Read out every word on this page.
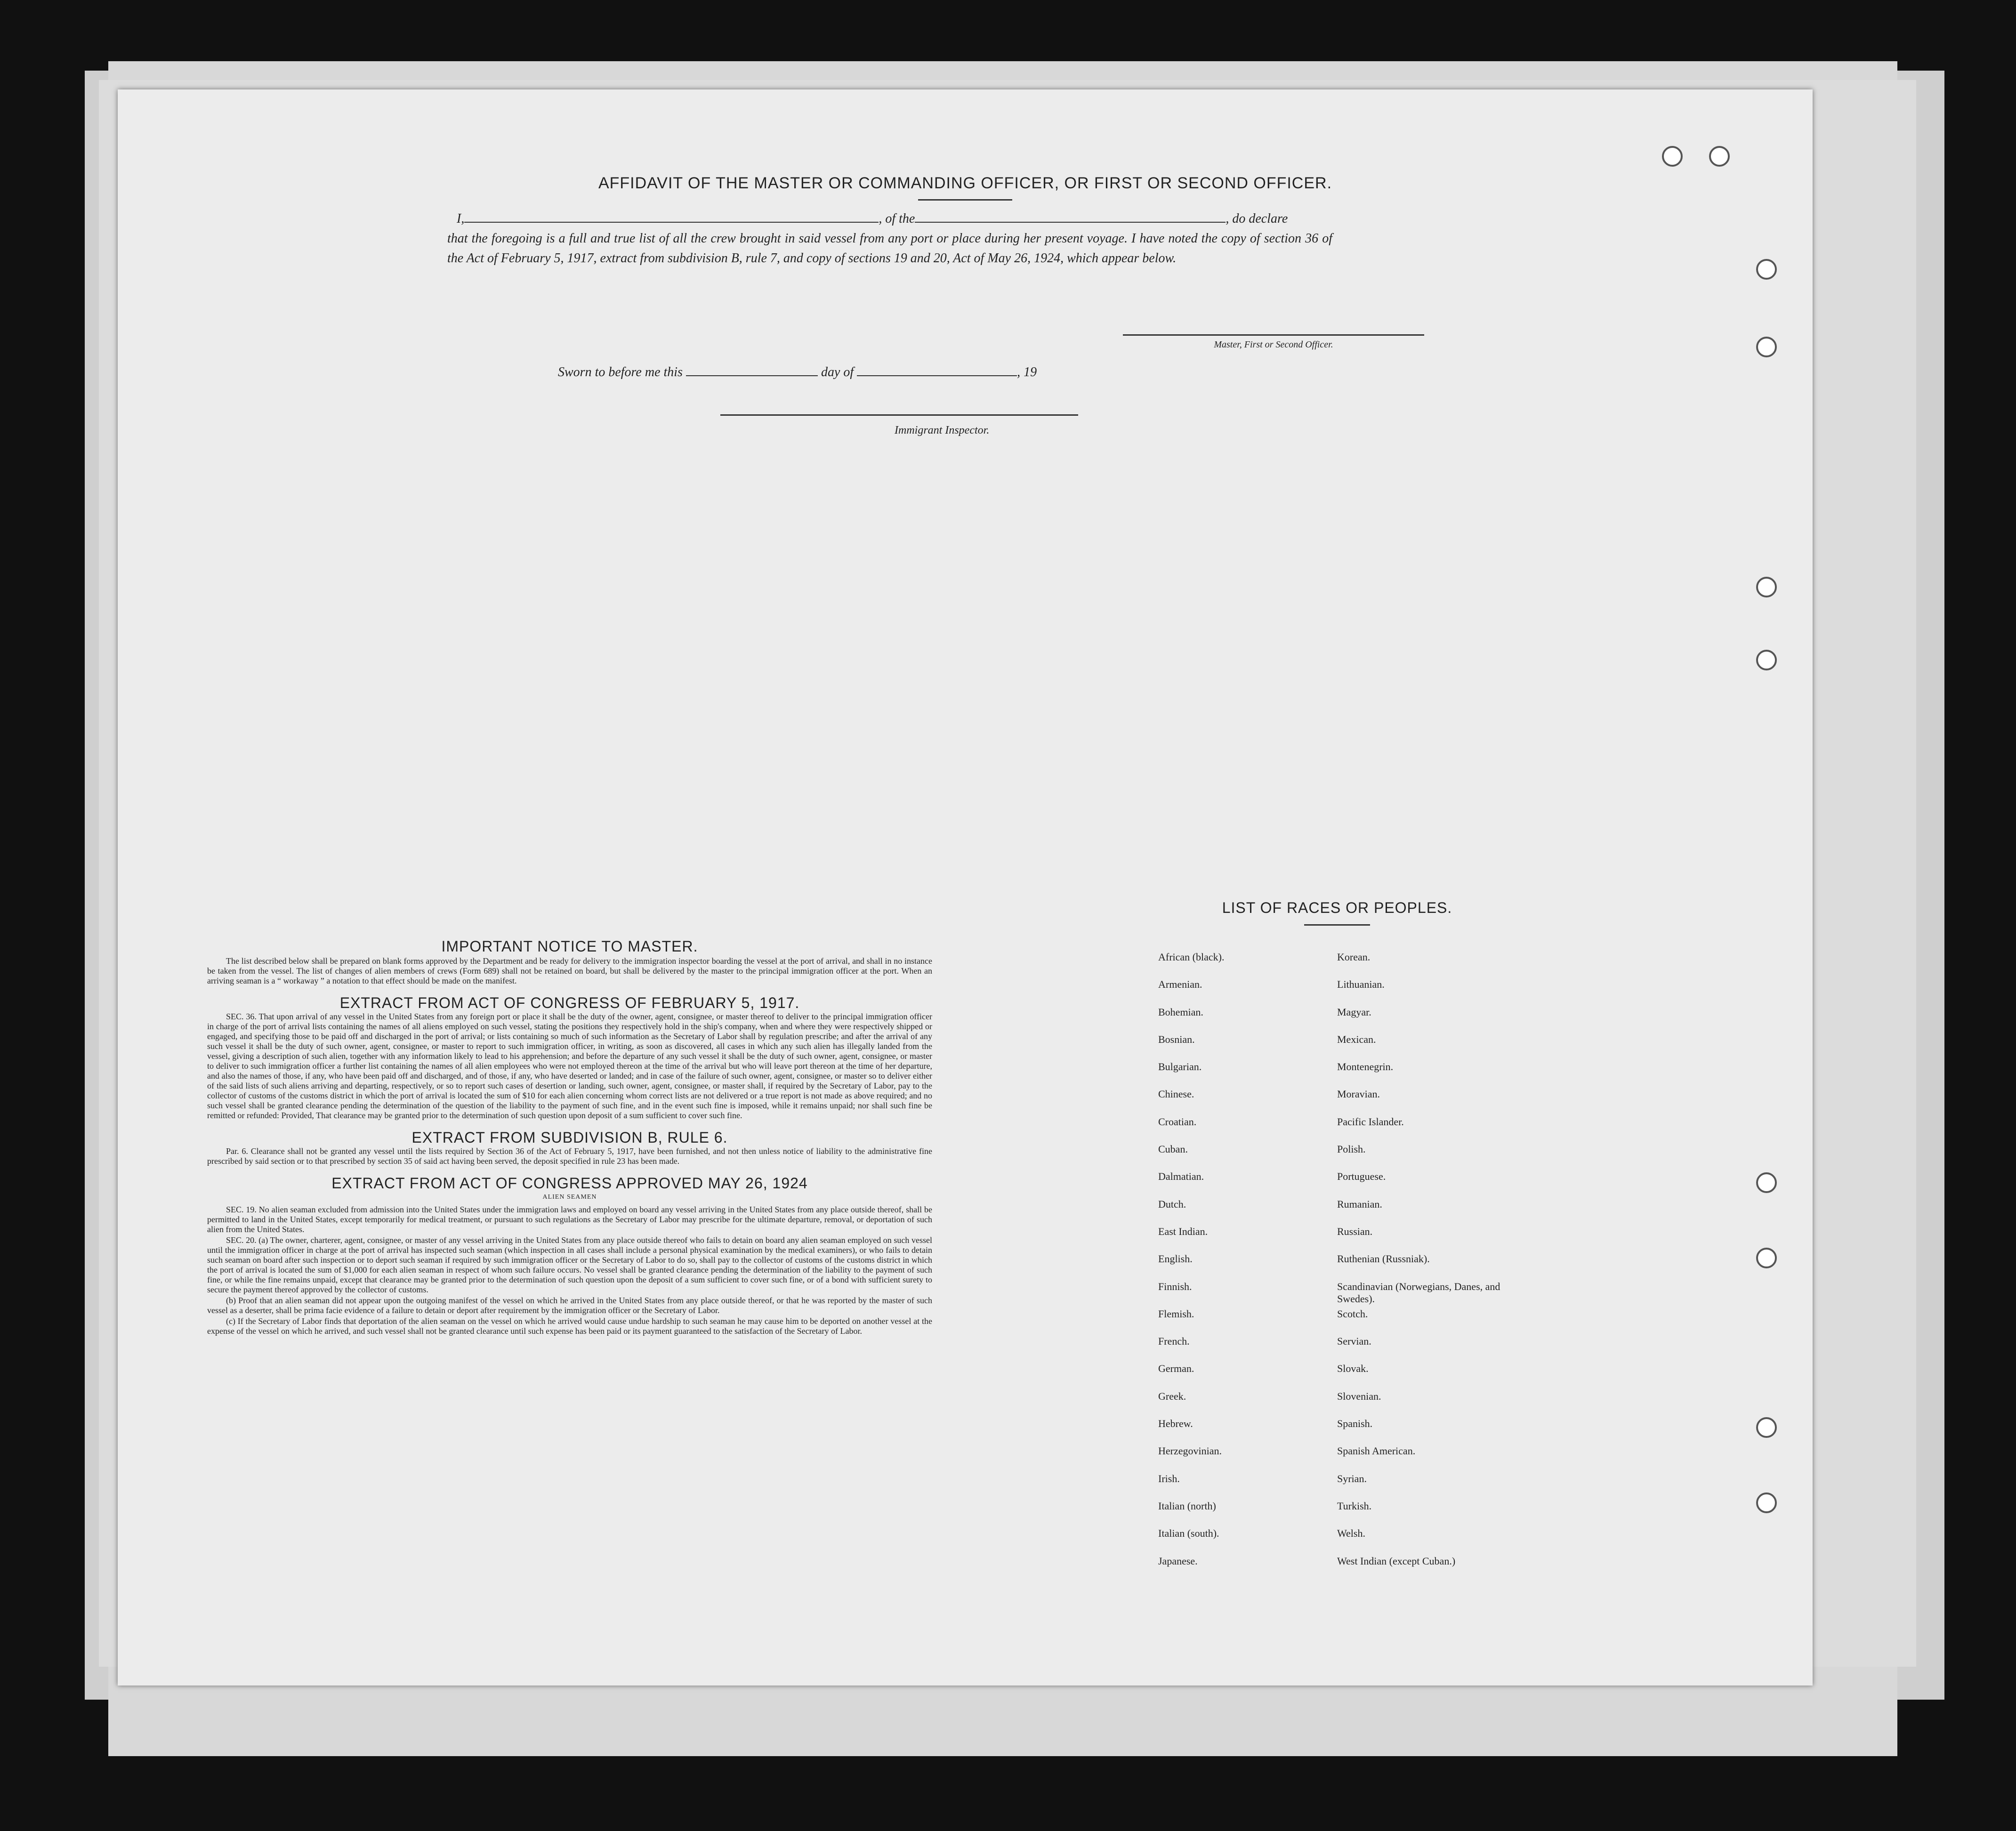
AFFIDAVIT OF THE MASTER OR COMMANDING OFFICER, OR FIRST OR SECOND OFFICER.
I,	, of the	, do declare
that the foregoing is a full and true list of all the crew brought in said vessel from any port or place during her present voyage. I have noted the copy of section 36 of the Act of February 5, 1917, extract from subdivision B, rule 7, and copy of sections 19 and 20, Act of May 26, 1924, which appear below.
Master, First or Second Officer.
Sworn to before me this	day of	, 19
Immigrant Inspector.
IMPORTANT NOTICE TO MASTER.

The list described below shall be prepared on blank forms approved by the Department and be ready for delivery to the immigration inspector boarding the vessel at the port of arrival, and shall in no instance be taken from the vessel. The list of changes of alien members of crews (Form 689) shall not be retained on board, but shall be delivered by the master to the principal immigration officer at the port. When an arriving seaman is a “ workaway ” a notation to that effect should be made on the manifest.

EXTRACT FROM ACT OF CONGRESS OF FEBRUARY 5, 1917.

SEC. 36. That upon arrival of any vessel in the United States from any foreign port or place it shall be the duty of the owner, agent, consignee, or master thereof to deliver to the principal immigration officer in charge of the port of arrival lists containing the names of all aliens employed on such vessel, stating the positions they respectively hold in the ship's company, when and where they were respectively shipped or engaged, and specifying those to be paid off and discharged in the port of arrival; or lists containing so much of such information as the Secretary of Labor shall by regulation prescribe; and after the arrival of any such vessel it shall be the duty of such owner, agent, consignee, or master to report to such immigration officer, in writing, as soon as discovered, all cases in which any such alien has illegally landed from the vessel, giving a description of such alien, together with any information likely to lead to his apprehension; and before the departure of any such vessel it shall be the duty of such owner, agent, consignee, or master to deliver to such immigration officer a further list containing the names of all alien employees who were not employed thereon at the time of the arrival but who will leave port thereon at the time of her departure, and also the names of those, if any, who have been paid off and discharged, and of those, if any, who have deserted or landed; and in case of the failure of such owner, agent, consignee, or master so to deliver either of the said lists of such aliens arriving and departing, respectively, or so to report such cases of desertion or landing, such owner, agent, consignee, or master shall, if required by the Secretary of Labor, pay to the collector of customs of the customs district in which the port of arrival is located the sum of $10 for each alien concerning whom correct lists are not delivered or a true report is not made as above required; and no such vessel shall be granted clearance pending the determination of the question of the liability to the payment of such fine, and in the event such fine is imposed, while it remains unpaid; nor shall such fine be remitted or refunded: Provided, That clearance may be granted prior to the determination of such question upon deposit of a sum sufficient to cover such fine.

EXTRACT FROM SUBDIVISION B, RULE 6.

Par. 6. Clearance shall not be granted any vessel until the lists required by Section 36 of the Act of February 5, 1917, have been furnished, and not then unless notice of liability to the administrative fine prescribed by said section or to that prescribed by section 35 of said act having been served, the deposit specified in rule 23 has been made.

EXTRACT FROM ACT OF CONGRESS APPROVED MAY 26, 1924
ALIEN SEAMEN

SEC. 19. No alien seaman excluded from admission into the United States under the immigration laws and employed on board any vessel arriving in the United States from any place outside thereof, shall be permitted to land in the United States, except temporarily for medical treatment, or pursuant to such regulations as the Secretary of Labor may prescribe for the ultimate departure, removal, or deportation of such alien from the United States.

SEC. 20. (a) The owner, charterer, agent, consignee, or master of any vessel arriving in the United States from any place outside thereof who fails to detain on board any alien seaman employed on such vessel until the immigration officer in charge at the port of arrival has inspected such seaman (which inspection in all cases shall include a personal physical examination by the medical examiners), or who fails to detain such seaman on board after such inspection or to deport such seaman if required by such immigration officer or the Secretary of Labor to do so, shall pay to the collector of customs of the customs district in which the port of arrival is located the sum of $1,000 for each alien seaman in respect of whom such failure occurs. No vessel shall be granted clearance pending the determination of the liability to the payment of such fine, or while the fine remains unpaid, except that clearance may be granted prior to the determination of such question upon the deposit of a sum sufficient to cover such fine, or of a bond with sufficient surety to secure the payment thereof approved by the collector of customs.

(b) Proof that an alien seaman did not appear upon the outgoing manifest of the vessel on which he arrived in the United States from any place outside thereof, or that he was reported by the master of such vessel as a deserter, shall be prima facie evidence of a failure to detain or deport after requirement by the immigration officer or the Secretary of Labor.

(c) If the Secretary of Labor finds that deportation of the alien seaman on the vessel on which he arrived would cause undue hardship to such seaman he may cause him to be deported on another vessel at the expense of the vessel on which he arrived, and such vessel shall not be granted clearance until such expense has been paid or its payment guaranteed to the satisfaction of the Secretary of Labor.

LIST OF RACES OR PEOPLES.
African (black).
Armenian.
Bohemian.
Bosnian.
Bulgarian.
Chinese.
Croatian.
Cuban.
Dalmatian.
Dutch.
East Indian.
English.
Finnish.
Flemish.
French.
German.
Greek.
Hebrew.
Herzegovinian.
Irish.
Italian (north)
Italian (south).
Japanese.
Korean.
Lithuanian.
Magyar.
Mexican.
Montenegrin.
Moravian.
Pacific Islander.
Polish.
Portuguese.
Rumanian.
Russian.
Ruthenian (Russniak).
Scandinavian (Norwegians, Danes, and Swedes).
Scotch.
Servian.
Slovak.
Slovenian.
Spanish.
Spanish American.
Syrian.
Turkish.
Welsh.
West Indian (except Cuban.)
